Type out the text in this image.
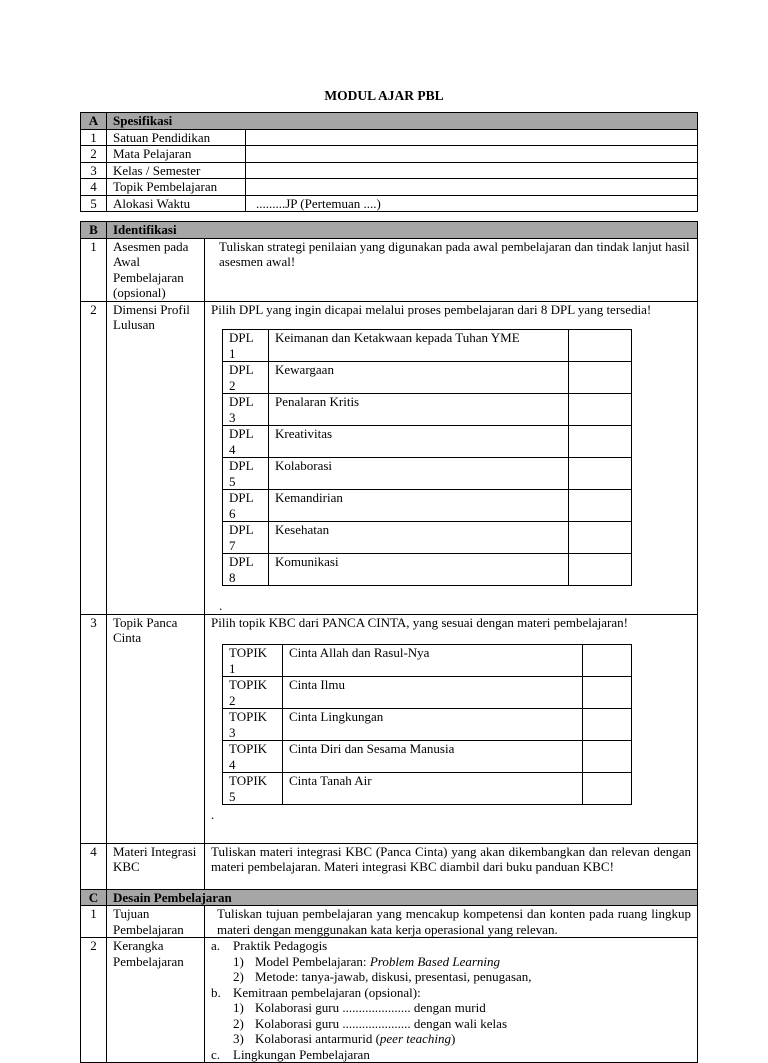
MODUL AJAR PBL
A	Spesifikasi	
1	Satuan Pendidikan	
2	Mata Pelajaran	
3	Kelas / Semester	
4	Topik Pembelajaran	
5	Alokasi Waktu	.........JP (Pertemuan ....)
B	Identifikasi
1	Asesmen pada Awal Pembelajaran (opsional)	Tuliskan strategi penilaian yang digunakan pada awal pembelajaran dan tindak lanjut hasil asesmen awal!
2	Dimensi Profil Lulusan	
Pilih DPL yang ingin dicapai melalui proses pembelajaran dari 8 DPL yang tersedia!
DPL 1	Keimanan dan Ketakwaan kepada Tuhan YME	
DPL 2	Kewargaan	
DPL 3	Penalaran Kritis	
DPL 4	Kreativitas	
DPL 5	Kolaborasi	
DPL 6	Kemandirian	
DPL 7	Kesehatan	
DPL 8	Komunikasi	
.

3	Topik Panca Cinta	
Pilih topik KBC dari PANCA CINTA, yang sesuai dengan materi pembelajaran!
TOPIK 1	Cinta Allah dan Rasul-Nya	
TOPIK 2	Cinta Ilmu	
TOPIK 3	Cinta Lingkungan	
TOPIK 4	Cinta Diri dan Sesama Manusia	
TOPIK 5	Cinta Tanah Air	
.

4	Materi Integrasi KBC	Tuliskan materi integrasi KBC (Panca Cinta) yang akan dikembangkan dan relevan dengan materi pembelajaran. Materi integrasi KBC diambil dari buku panduan KBC!
C	Desain Pembelajaran
1	Tujuan Pembelajaran	Tuliskan tujuan pembelajaran yang mencakup kompetensi dan konten pada ruang lingkup materi dengan menggunakan kata kerja operasional yang relevan.
2	Kerangka Pembelajaran	
a. Praktik Pedagogis
1) Model Pembelajaran: Problem Based Learning
2) Metode: tanya-jawab, diskusi, presentasi, penugasan,
b. Kemitraan pembelajaran (opsional):
1) Kolaborasi guru ..................... dengan murid
2) Kolaborasi guru ..................... dengan wali kelas
3) Kolaborasi antarmurid (peer teaching)
c. Lingkungan Pembelajaran
